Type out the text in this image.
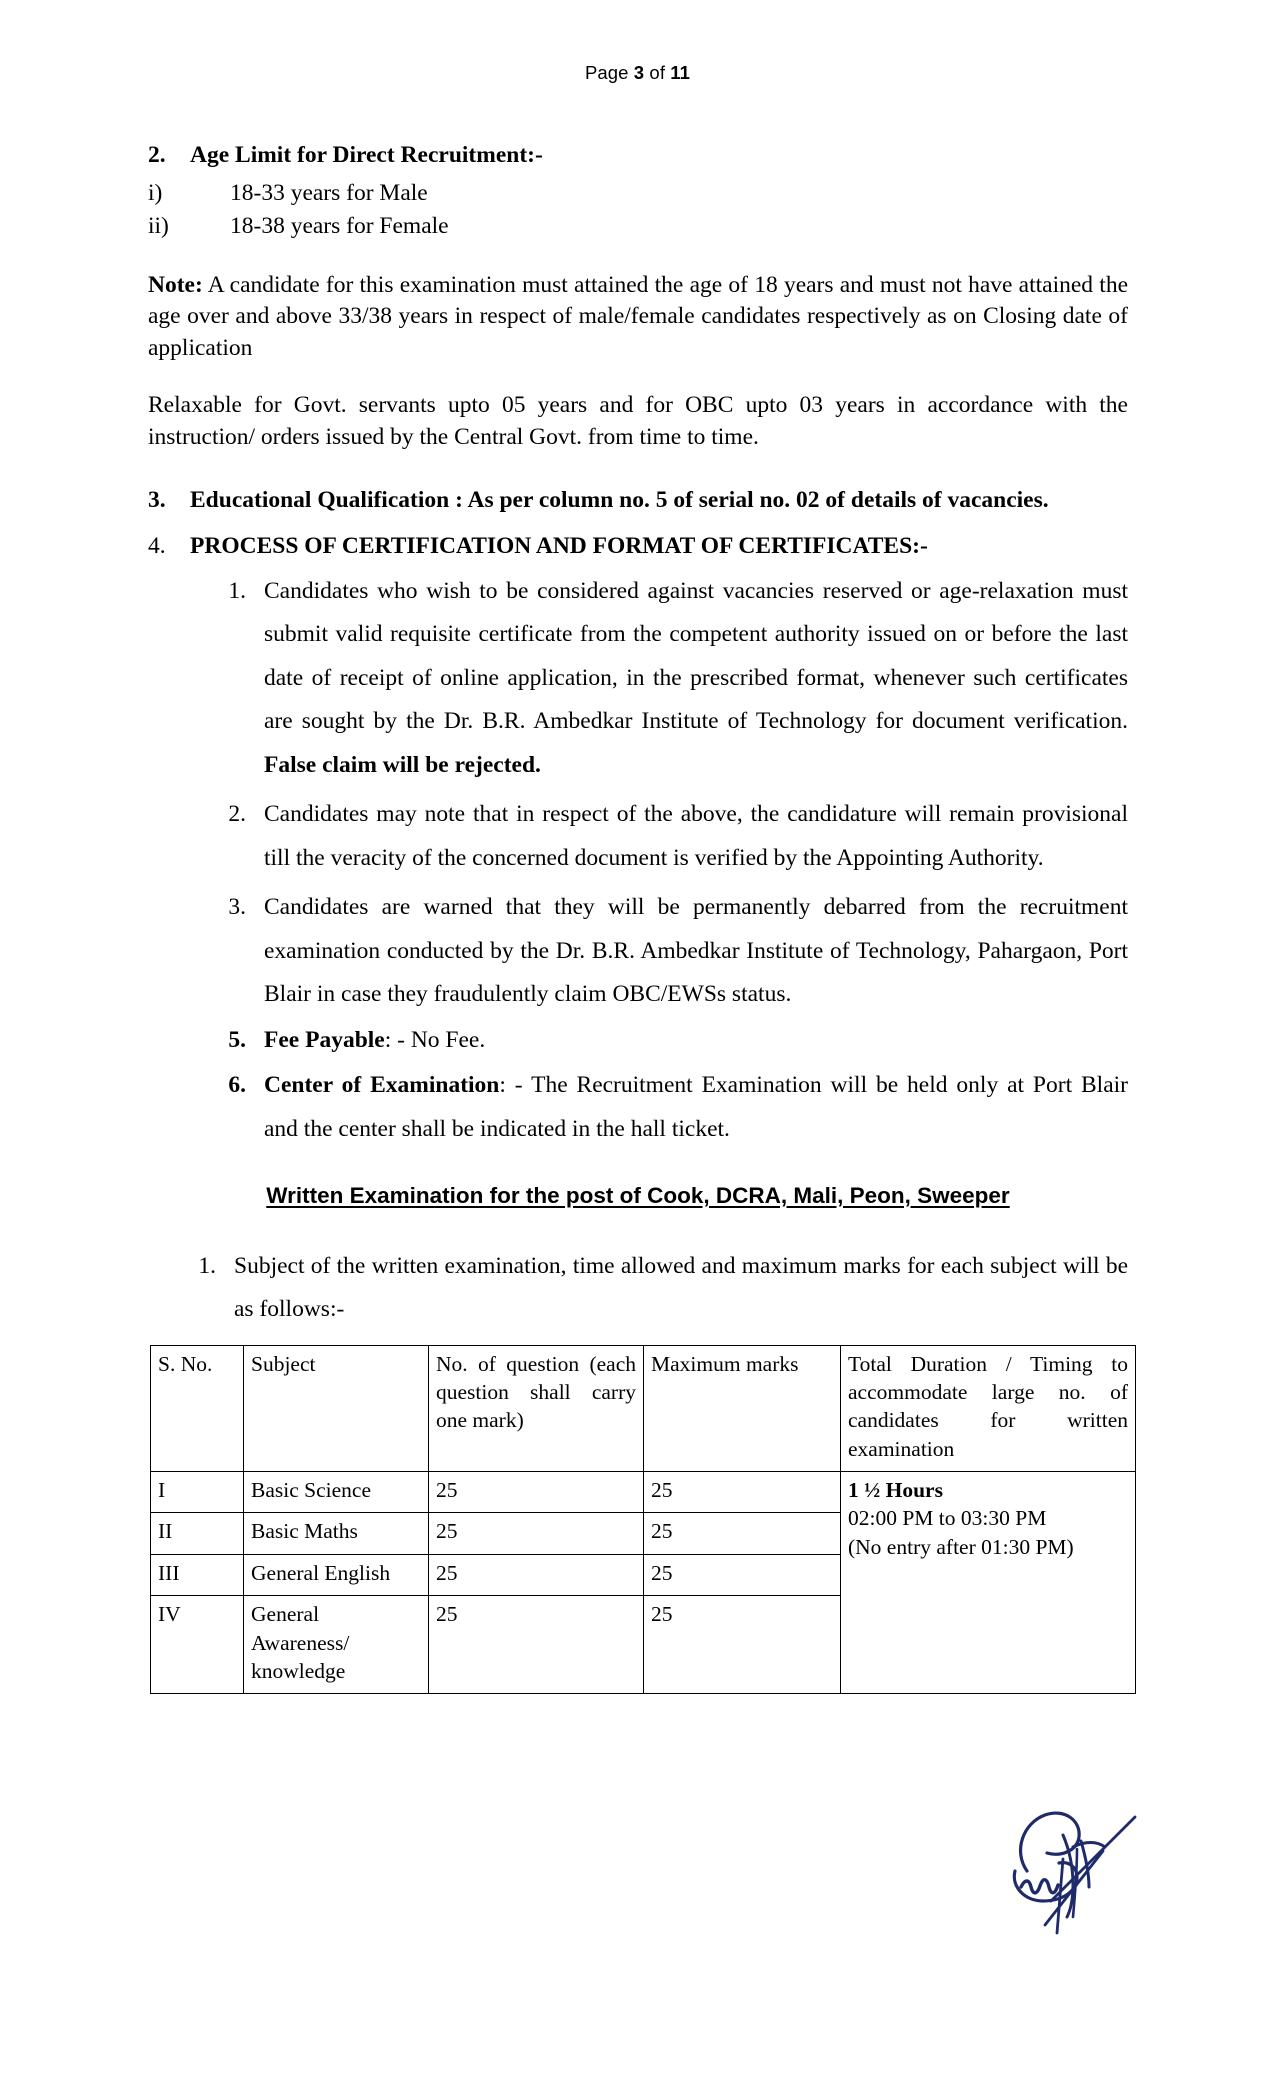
Page 3 of 11
2.	Age Limit for Direct Recruitment:-
i)	18-33 years for Male
ii)	18-38 years for Female

Note: A candidate for this examination must attained the age of 18 years and must not have attained the age over and above 33/38 years in respect of male/female candidates respectively as on Closing date of application

Relaxable for Govt. servants upto 05 years and for OBC upto 03 years in accordance with the instruction/ orders issued by the Central Govt. from time to time.

3.	Educational Qualification : As per column no. 5 of serial no. 02 of details of vacancies.
4.	PROCESS OF CERTIFICATION AND FORMAT OF CERTIFICATES:-
1. Candidates who wish to be considered against vacancies reserved or age-relaxation must submit valid requisite certificate from the competent authority issued on or before the last date of receipt of online application, in the prescribed format, whenever such certificates are sought by the Dr. B.R. Ambedkar Institute of Technology for document verification. False claim will be rejected.
2. Candidates may note that in respect of the above, the candidature will remain provisional till the veracity of the concerned document is verified by the Appointing Authority.
3. Candidates are warned that they will be permanently debarred from the recruitment examination conducted by the Dr. B.R. Ambedkar Institute of Technology, Pahargaon, Port Blair in case they fraudulently claim OBC/EWSs status.
5. Fee Payable: - No Fee.
6. Center of Examination: - The Recruitment Examination will be held only at Port Blair and the center shall be indicated in the hall ticket.
Written Examination for the post of Cook, DCRA, Mali, Peon, Sweeper
1. Subject of the written examination, time allowed and maximum marks for each subject will be as follows:-
S. No.	Subject	No. of question (each question shall carry one mark)	Maximum marks	Total Duration / Timing to accommodate large no. of candidates for written examination
I	Basic Science	25	25	1 ½ Hours
02:00 PM to 03:30 PM
(No entry after 01:30 PM)

II	Basic Maths	25	25	
III	General English	25	25	
IV	General Awareness/ knowledge	25	25	
